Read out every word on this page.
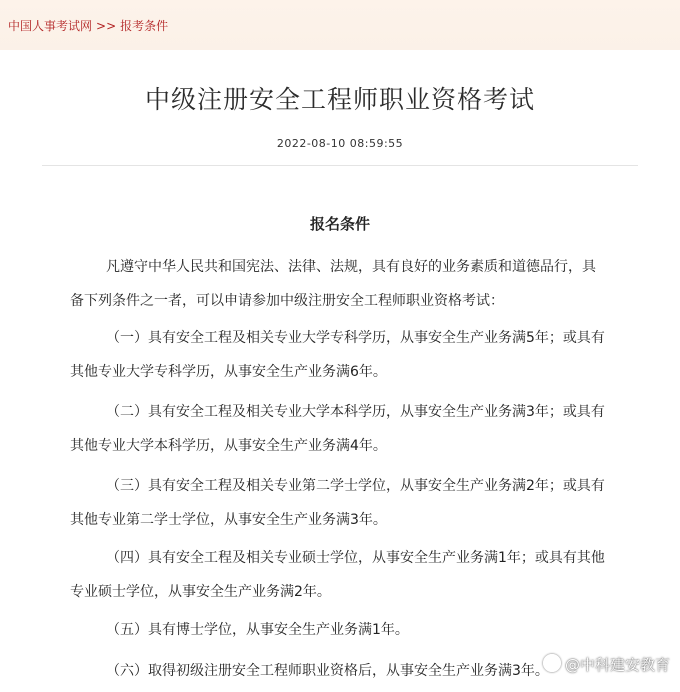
中国人事考试网 >> 报考条件
中级注册安全工程师职业资格考试
2022-08-10 08:59:55
报名条件
凡遵守中华人民共和国宪法、法律、法规，具有良好的业务素质和道德品行，具
备下列条件之一者，可以申请参加中级注册安全工程师职业资格考试：
（一）具有安全工程及相关专业大学专科学历，从事安全生产业务满5年；或具有
其他专业大学专科学历，从事安全生产业务满6年。
（二）具有安全工程及相关专业大学本科学历，从事安全生产业务满3年；或具有
其他专业大学本科学历，从事安全生产业务满4年。
（三）具有安全工程及相关专业第二学士学位，从事安全生产业务满2年；或具有
其他专业第二学士学位，从事安全生产业务满3年。
（四）具有安全工程及相关专业硕士学位，从事安全生产业务满1年；或具有其他
专业硕士学位，从事安全生产业务满2年。
（五）具有博士学位，从事安全生产业务满1年。
（六）取得初级注册安全工程师职业资格后，从事安全生产业务满3年。	@中科建安教育
